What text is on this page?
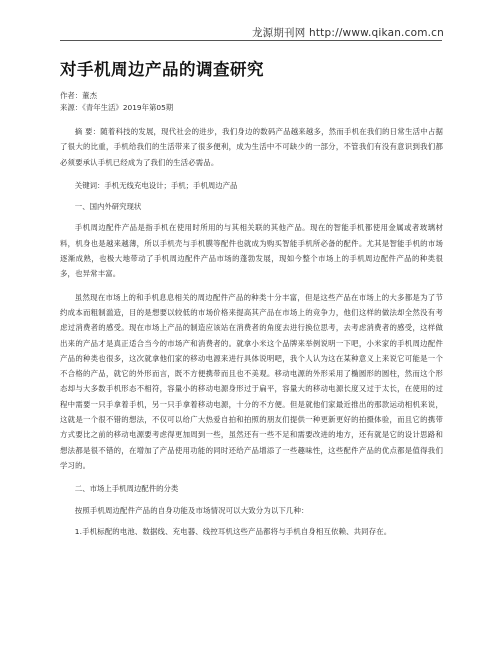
龙源期刊网 http://www.qikan.com.cn
对手机周边产品的调查研究
作者：董杰
来源：《青年生活》2019年第05期

摘 要：随着科技的发展，现代社会的进步，我们身边的数码产品越来越多，然而手机在我们的日常生活中占据了很大的比重，手机给我们的生活带来了很多便利，成为生活中不可缺少的一部分，不管我们有没有意识到我们都必须要承认手机已经成为了我们的生活必需品。

关键词：手机无线充电设计；手机；手机周边产品

一、国内外研究现状

手机周边配件产品是指手机在使用时所用的与其相关联的其他产品。现在的智能手机都使用金属或者玻璃材料，机身也是越来越薄，所以手机壳与手机膜等配件也就成为购买智能手机所必备的配件。尤其是智能手机的市场逐渐成熟，也极大地带动了手机周边配件产品市场的蓬勃发展，现如今整个市场上的手机周边配件产品的种类很多，也异常丰富。

虽然现在市场上的和手机息息相关的周边配件产品的种类十分丰富，但是这些产品在市场上的大多都是为了节约成本而粗制滥造，目的是想要以较低的市场价格来提高其产品在市场上的竞争力，他们这样的做法却全然没有考虑过消费者的感受。现在市场上产品的制造应该站在消费者的角度去进行换位思考，去考虑消费者的感受，这样做出来的产品才是真正适合当今的市场产和消费者的。就拿小米这个品牌来举例说明一下吧，小米家的手机周边配件产品的种类也很多，这次就拿他们家的移动电源来进行具体说明吧，我个人认为这在某种意义上来说它可能是一个不合格的产品，就它的外形而言，既不方便携带而且也不美观。移动电源的外形采用了椭圆形的圆柱，然而这个形态却与大多数手机形态不相符，容量小的移动电源身形过于扁平，容量大的移动电源长度又过于太长，在使用的过程中需要一只手拿着手机，另一只手拿着移动电源，十分的不方便。但是就他们家最近推出的那款运动相机来说，这就是一个很不错的想法，不仅可以给广大热爱自拍和拍照的朋友们提供一种更新更好的拍摄体验，而且它的携带方式要比之前的移动电源要考虑得更加周到一些，虽然还有一些不足和需要改进的地方，还有就是它的设计思路和想法都是很不错的，在增加了产品使用功能的同时还给产品增添了一些趣味性，这些配件产品的优点都是值得我们学习的。

二、市场上手机周边配件的分类

按照手机周边配件产品的自身功能及市场情况可以大致分为以下几种：

1.手机标配的电池、数据线、充电器、线控耳机这些产品都将与手机自身相互依赖、共同存在。
